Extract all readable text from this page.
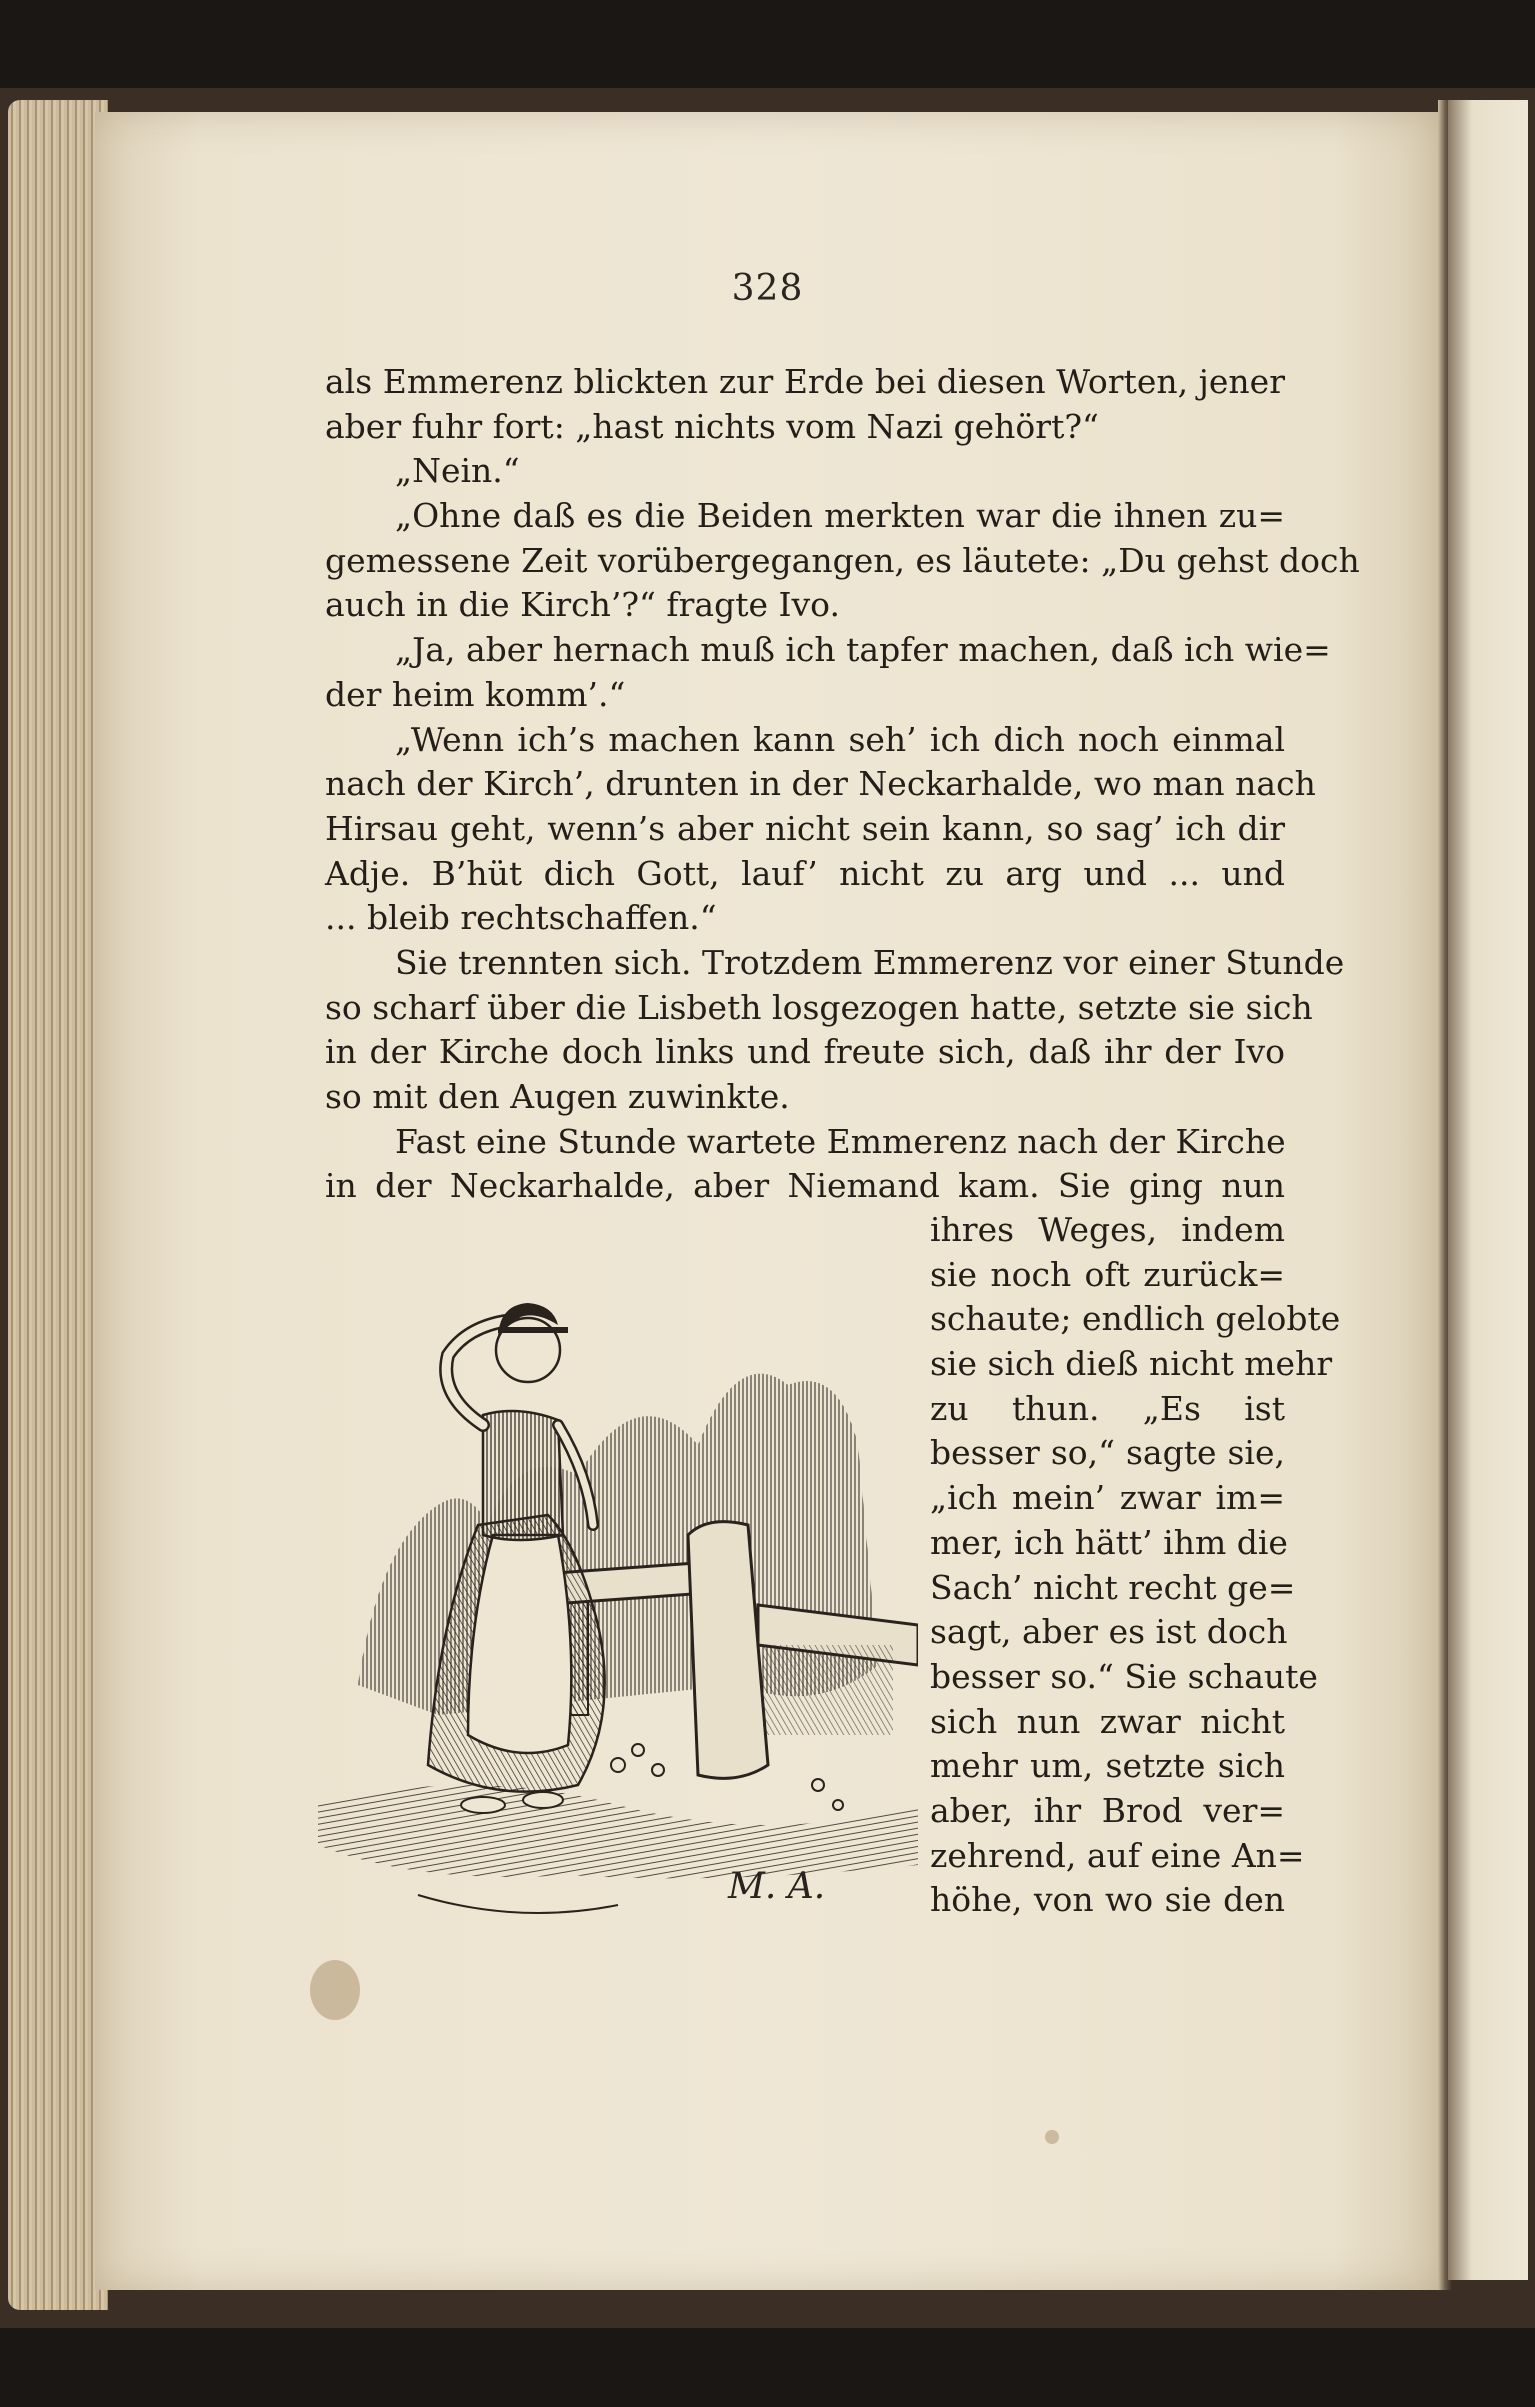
328
als Emmerenz blickten zur Erde bei diesen Worten, jener
aber fuhr fort: „hast nichts vom Nazi gehört?“
„Nein.“
„Ohne daß es die Beiden merkten war die ihnen zu=
gemessene Zeit vorübergegangen, es läutete: „Du gehst doch
auch in die Kirch’?“ fragte Ivo.
„Ja, aber hernach muß ich tapfer machen, daß ich wie=
der heim komm’.“
„Wenn ich’s machen kann seh’ ich dich noch einmal
nach der Kirch’, drunten in der Neckarhalde, wo man nach
Hirsau geht, wenn’s aber nicht sein kann, so sag’ ich dir
Adje. B’hüt dich Gott, lauf’ nicht zu arg und ... und
... bleib rechtschaffen.“
Sie trennten sich. Trotzdem Emmerenz vor einer Stunde
so scharf über die Lisbeth losgezogen hatte, setzte sie sich
in der Kirche doch links und freute sich, daß ihr der Ivo
so mit den Augen zuwinkte.
Fast eine Stunde wartete Emmerenz nach der Kirche
in der Neckarhalde, aber Niemand kam. Sie ging nun
ihres Weges, indem
sie noch oft zurück=
schaute; endlich gelobte
sie sich dieß nicht mehr
zu thun. „Es ist
besser so,“ sagte sie,
„ich mein’ zwar im=
mer, ich hätt’ ihm die
Sach’ nicht recht ge=
sagt, aber es ist doch
besser so.“ Sie schaute
sich nun zwar nicht
mehr um, setzte sich
aber, ihr Brod ver=
zehrend, auf eine An=
höhe, von wo sie den
M. A.
